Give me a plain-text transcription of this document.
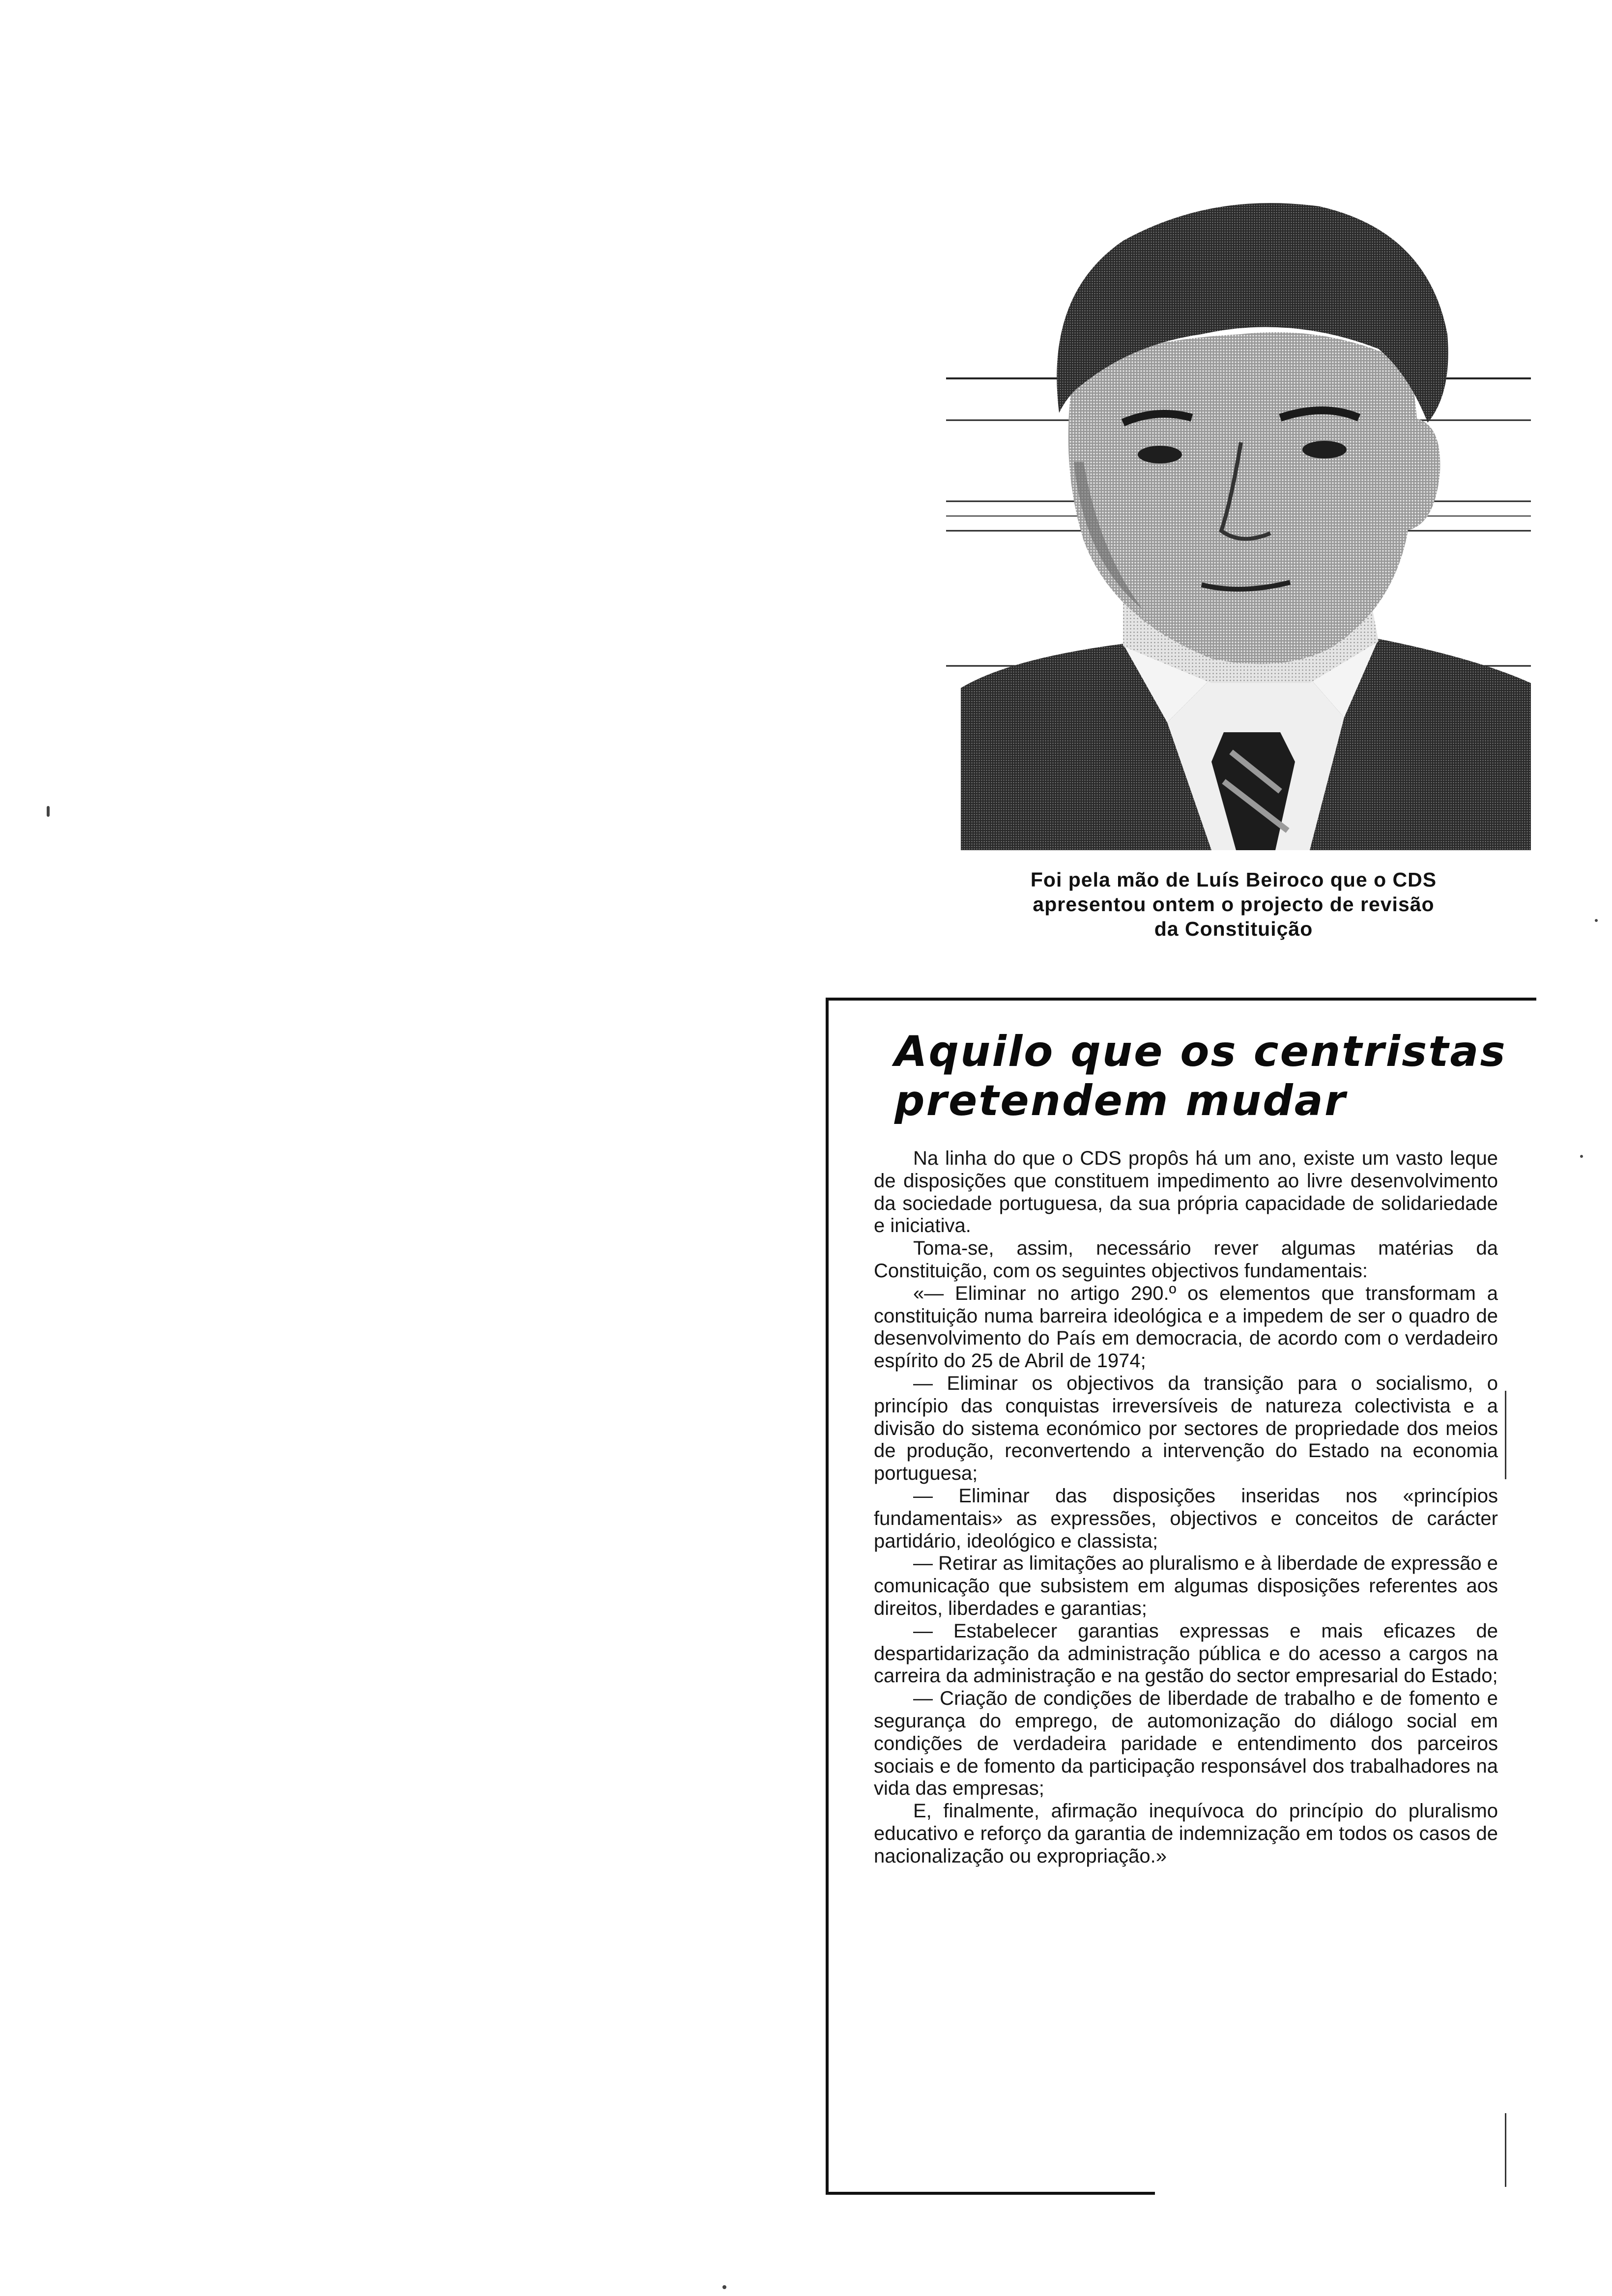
Foi pela mão de Luís Beiroco que o CDS
apresentou ontem o projecto de revisão
da Constituição
Aquilo que os centristas
pretendem mudar

Na linha do que o CDS propôs há um ano, existe um vasto leque de disposições que constituem impedimento ao livre desenvolvimento da sociedade portuguesa, da sua própria capacidade de solidariedade e iniciativa.

Toma-se, assim, necessário rever algumas matérias da Constituição, com os seguintes objectivos fundamentais:

«— Eliminar no artigo 290.º os elementos que transformam a constituição numa barreira ideológica e a impedem de ser o quadro de desenvolvimento do País em democracia, de acordo com o verdadeiro espírito do 25 de Abril de 1974;

— Eliminar os objectivos da transição para o socialismo, o princípio das conquistas irreversíveis de natureza colectivista e a divisão do sistema económico por sectores de propriedade dos meios de produção, reconvertendo a intervenção do Estado na economia portuguesa;

— Eliminar das disposições inseridas nos «princípios fundamentais» as expressões, objectivos e conceitos de carácter partidário, ideológico e classista;

— Retirar as limitações ao pluralismo e à liberdade de expressão e comunicação que subsistem em algumas disposições referentes aos direitos, liberdades e garantias;

— Estabelecer garantias expressas e mais eficazes de despartidarização da administração pública e do acesso a cargos na carreira da administração e na gestão do sector empresarial do Estado;

— Criação de condições de liberdade de trabalho e de fomento e segurança do emprego, de automonização do diálogo social em condições de verdadeira paridade e entendimento dos parceiros sociais e de fomento da participação responsável dos trabalhadores na vida das empresas;

E, finalmente, afirmação inequívoca do princípio do pluralismo educativo e reforço da garantia de indemnização em todos os casos de nacionalização ou expropriação.»
